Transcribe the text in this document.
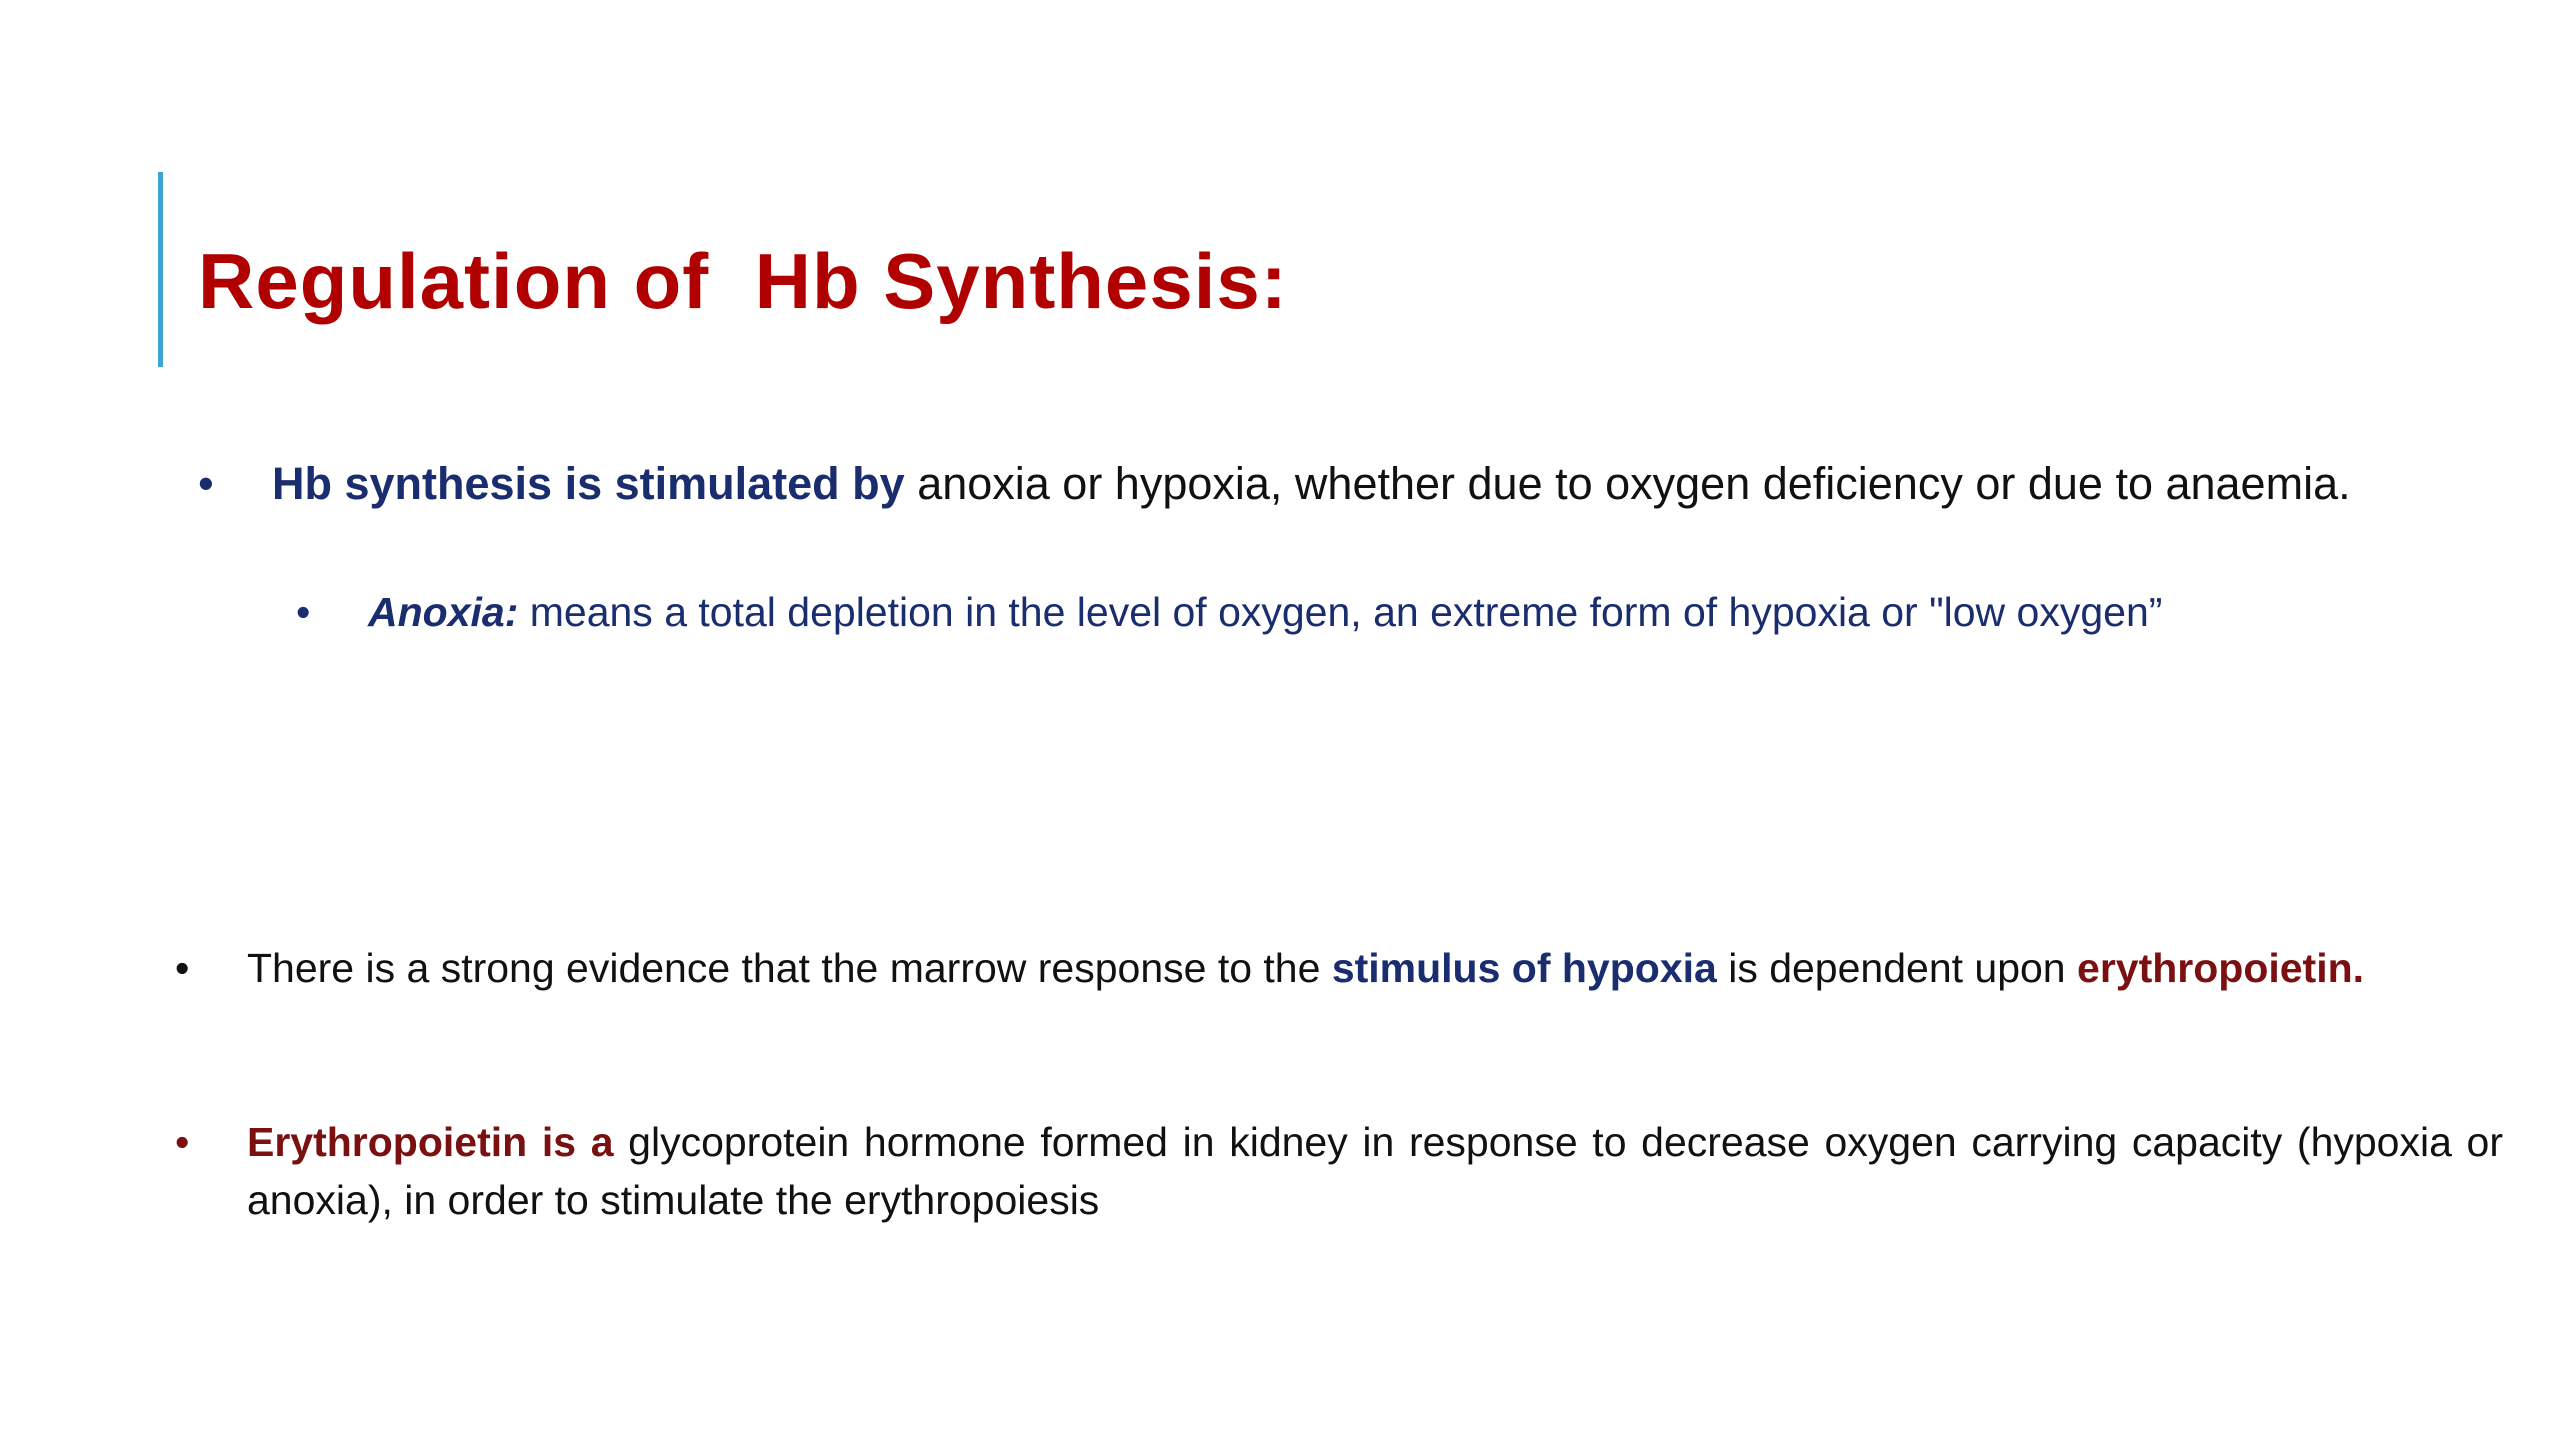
Regulation of  Hb Synthesis:
•	Hb synthesis is stimulated by anoxia or hypoxia, whether due to oxygen deficiency or due to anaemia.
•	Anoxia: means a total depletion in the level of oxygen, an extreme form of hypoxia or "low oxygen”
•	There is a strong evidence that the marrow response to the stimulus of hypoxia is dependent upon erythropoietin.
•	Erythropoietin is a glycoprotein hormone formed in kidney in response to decrease oxygen carrying capacity (hypoxia or anoxia), in order to stimulate the erythropoiesis
